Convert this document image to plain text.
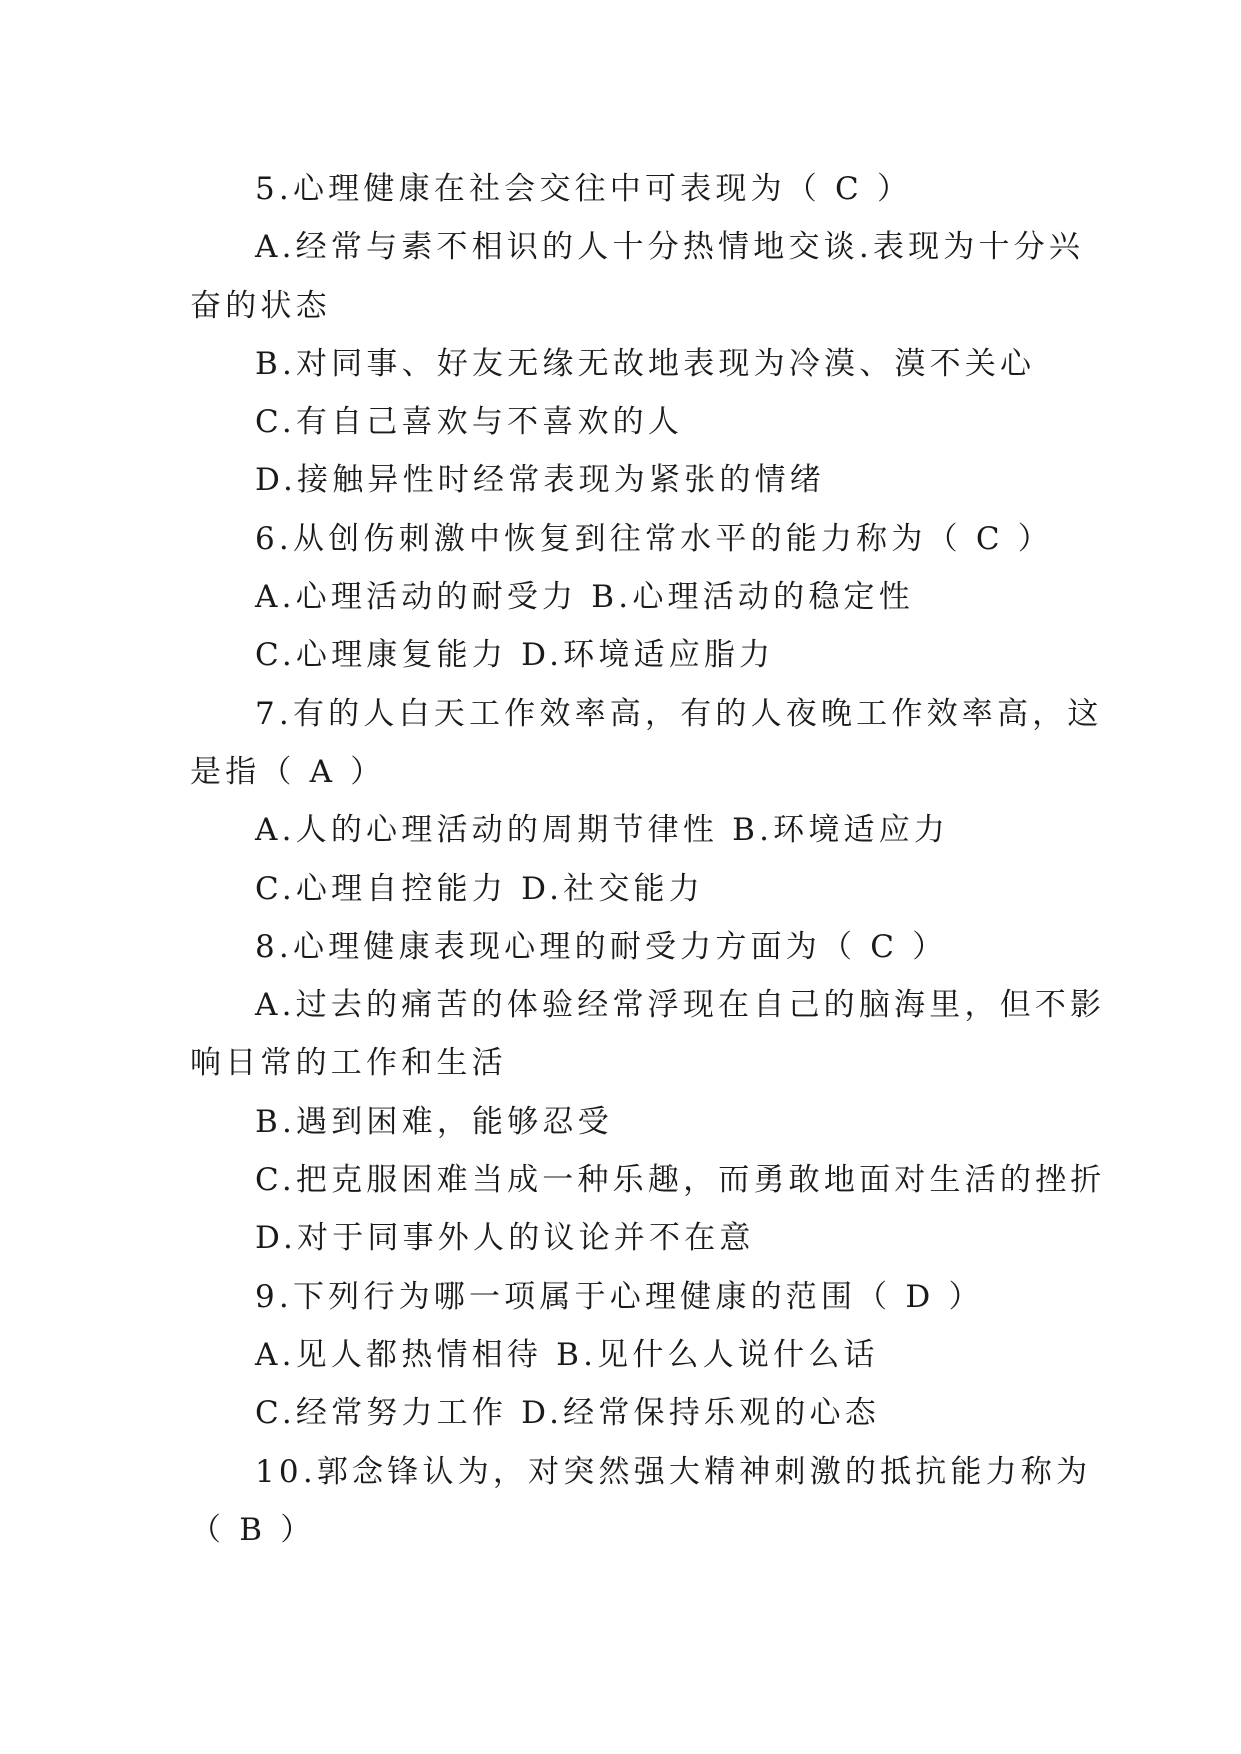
5.心理健康在社会交往中可表现为（ C ）

A.经常与素不相识的人十分热情地交谈.表现为十分兴

奋的状态

B.对同事、好友无缘无故地表现为冷漠、漠不关心

C.有自己喜欢与不喜欢的人

D.接触异性时经常表现为紧张的情绪

6.从创伤刺激中恢复到往常水平的能力称为（ C ）

A.心理活动的耐受力 B.心理活动的稳定性

C.心理康复能力 D.环境适应脂力

7.有的人白天工作效率高，有的人夜晚工作效率高，这

是指（ A ）

A.人的心理活动的周期节律性 B.环境适应力

C.心理自控能力 D.社交能力

8.心理健康表现心理的耐受力方面为（ C ）

A.过去的痛苦的体验经常浮现在自己的脑海里，但不影

响日常的工作和生活

B.遇到困难，能够忍受

C.把克服困难当成一种乐趣，而勇敢地面对生活的挫折

D.对于同事外人的议论并不在意

9.下列行为哪一项属于心理健康的范围（ D ）

A.见人都热情相待 B.见什么人说什么话

C.经常努力工作 D.经常保持乐观的心态

10.郭念锋认为，对突然强大精神刺激的抵抗能力称为

（ B ）
